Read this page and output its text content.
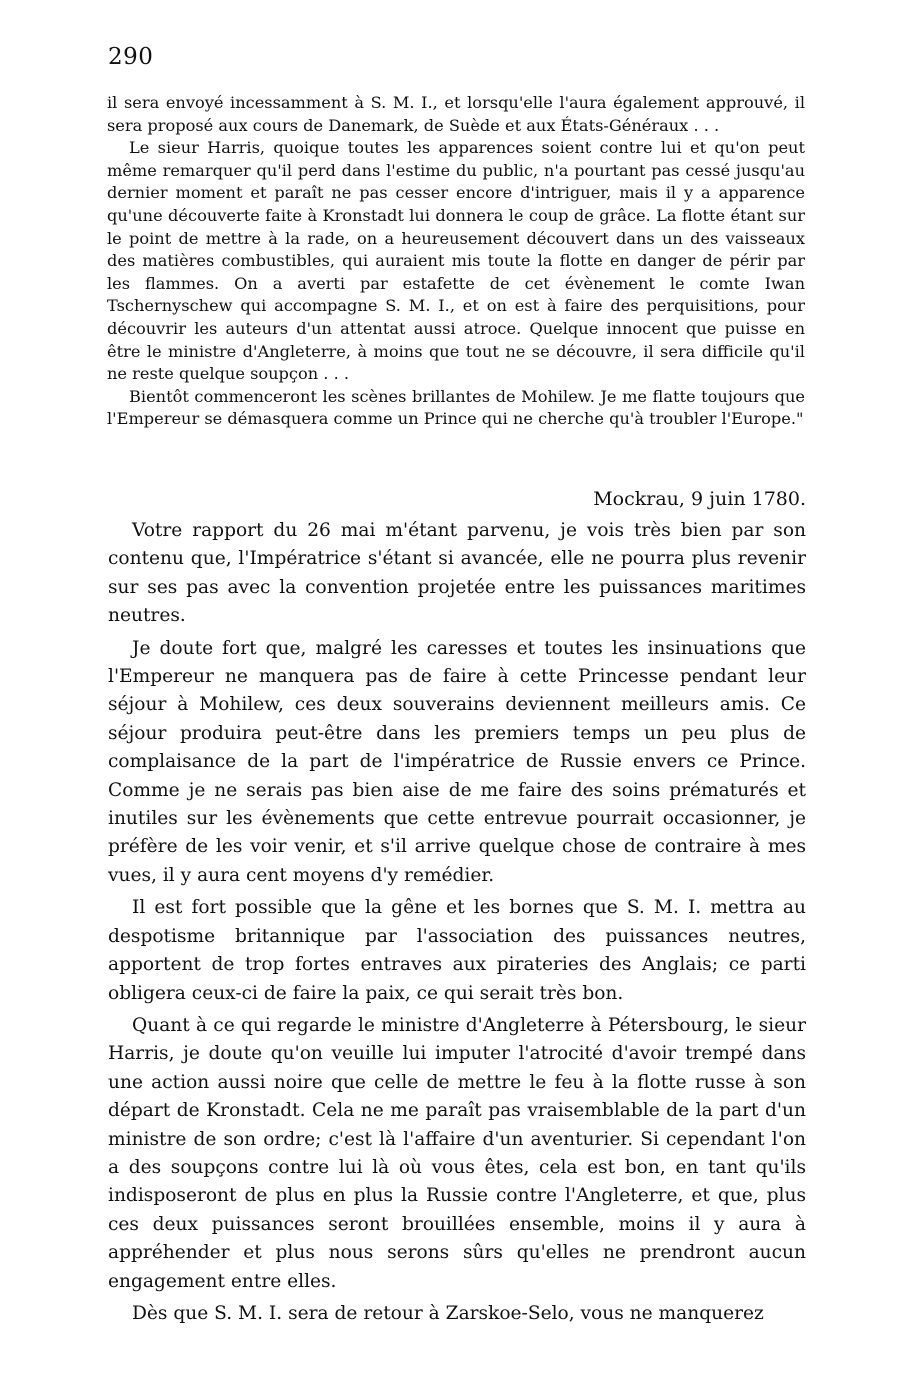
290

il sera envoyé incessamment à S. M. I., et lorsqu'elle l'aura également approuvé, il sera proposé aux cours de Danemark, de Suède et aux États-Généraux . . .

Le sieur Harris, quoique toutes les apparences soient contre lui et qu'on peut même remarquer qu'il perd dans l'estime du public, n'a pourtant pas cessé jusqu'au dernier moment et paraît ne pas cesser encore d'intriguer, mais il y a apparence qu'une découverte faite à Kronstadt lui donnera le coup de grâce. La flotte étant sur le point de mettre à la rade, on a heureusement découvert dans un des vaisseaux des matières combustibles, qui auraient mis toute la flotte en danger de périr par les flammes. On a averti par estafette de cet évènement le comte Iwan Tschernyschew qui accompagne S. M. I., et on est à faire des perquisitions, pour découvrir les auteurs d'un attentat aussi atroce. Quelque innocent que puisse en être le ministre d'Angleterre, à moins que tout ne se découvre, il sera difficile qu'il ne reste quelque soupçon . . .

Bientôt commenceront les scènes brillantes de Mohilew. Je me flatte toujours que l'Empereur se démasquera comme un Prince qui ne cherche qu'à troubler l'Europe."

Mockrau, 9 juin 1780.

Votre rapport du 26 mai m'étant parvenu, je vois très bien par son contenu que, l'Impératrice s'étant si avancée, elle ne pourra plus revenir sur ses pas avec la convention projetée entre les puissances maritimes neutres.

Je doute fort que, malgré les caresses et toutes les insinuations que l'Empereur ne manquera pas de faire à cette Princesse pendant leur séjour à Mohilew, ces deux souverains deviennent meilleurs amis. Ce séjour produira peut-être dans les premiers temps un peu plus de complaisance de la part de l'impératrice de Russie envers ce Prince. Comme je ne serais pas bien aise de me faire des soins prématurés et inutiles sur les évènements que cette entrevue pourrait occasionner, je préfère de les voir venir, et s'il arrive quelque chose de contraire à mes vues, il y aura cent moyens d'y remédier.

Il est fort possible que la gêne et les bornes que S. M. I. mettra au despotisme britannique par l'association des puissances neutres, apportent de trop fortes entraves aux pirateries des Anglais; ce parti obligera ceux-ci de faire la paix, ce qui serait très bon.

Quant à ce qui regarde le ministre d'Angleterre à Pétersbourg, le sieur Harris, je doute qu'on veuille lui imputer l'atrocité d'avoir trempé dans une action aussi noire que celle de mettre le feu à la flotte russe à son départ de Kronstadt. Cela ne me paraît pas vraisemblable de la part d'un ministre de son ordre; c'est là l'affaire d'un aventurier. Si cependant l'on a des soupçons contre lui là où vous êtes, cela est bon, en tant qu'ils indisposeront de plus en plus la Russie contre l'Angleterre, et que, plus ces deux puissances seront brouillées ensemble, moins il y aura à appréhender et plus nous serons sûrs qu'elles ne prendront aucun engagement entre elles.

Dès que S. M. I. sera de retour à Zarskoe-Selo, vous ne manquerez
